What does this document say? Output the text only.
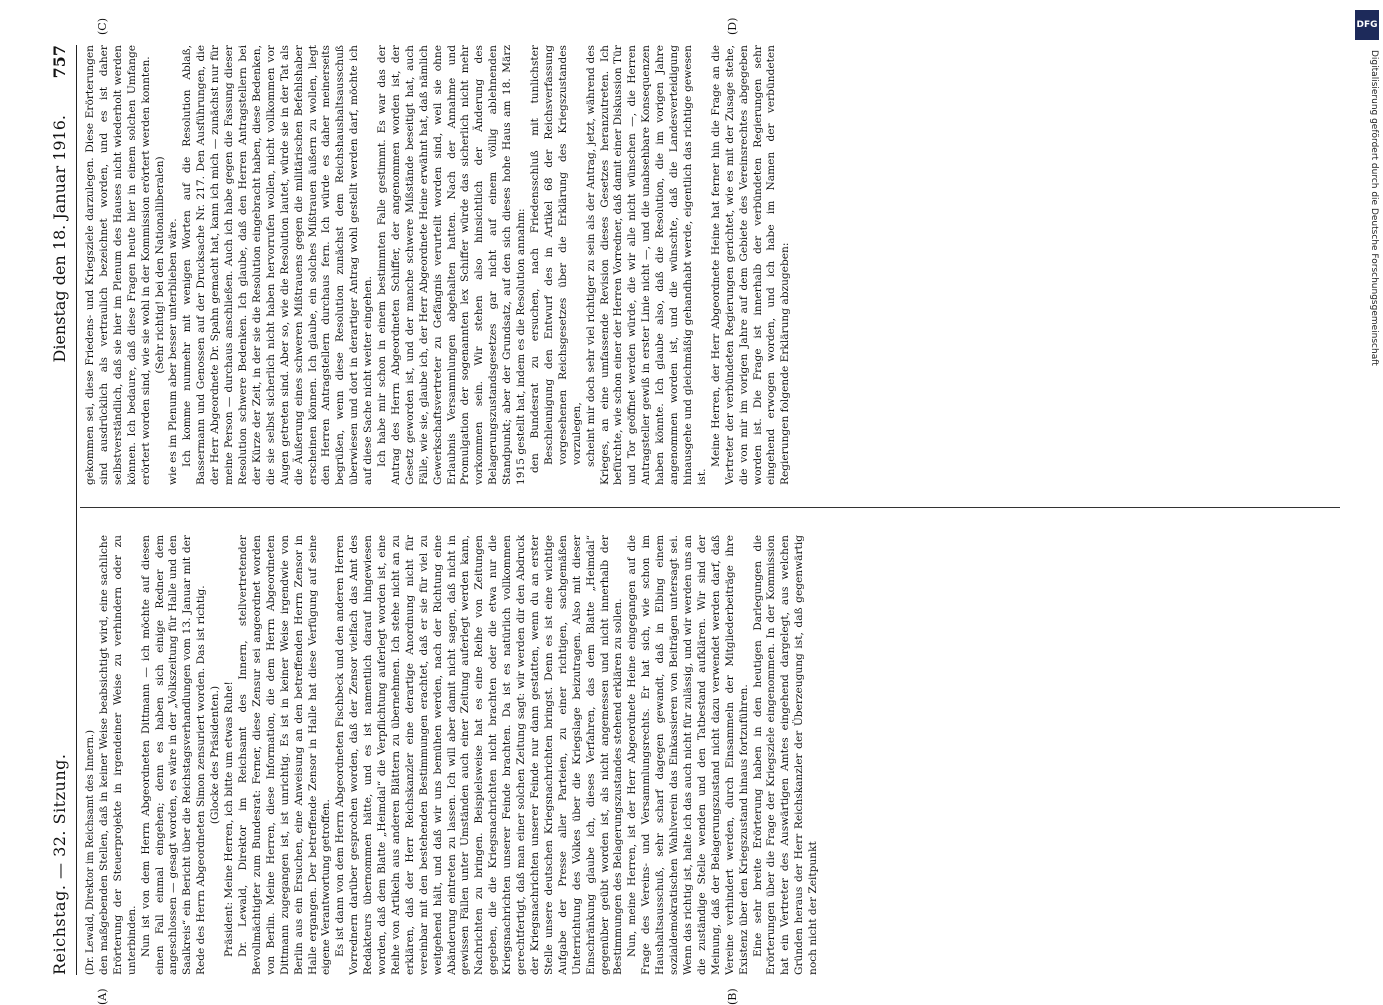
Reichstag. — 32. Sitzung.
Dienstag den 18. Januar 1916.
757

(Dr. Lewald, Direktor im Reichsamt des Innern.) den maßgebenden Stellen, daß in keiner Weise beabsichtigt wird, eine sachliche Erörterung der Steuerprojekte in irgendeiner Weise zu verhindern oder zu unterbinden. Nun ist von dem Herrn Abgeordneten Dittmann — ich möchte auf diesen einen Fall einmal eingehen; denn es haben sich einige Redner dem angeschlossen — gesagt worden, es wäre in der „Volkszeitung für Halle und den Saalkreis“ ein Bericht über die Reichstagsverhandlungen vom 13. Januar mit der Rede des Herrn Abgeordneten Simon zensuriert worden. Das ist richtig. (Glocke des Präsidenten.) Präsident: Meine Herren, ich bitte um etwas Ruhe! Dr. Lewald, Direktor im Reichsamt des Innern, stellvertretender Bevollmächtigter zum Bundesrat: Ferner, diese Zensur sei angeordnet worden von Berlin. Meine Herren, diese Information, die dem Herrn Abgeordneten Dittmann zugegangen ist, ist unrichtig. Es ist in keiner Weise irgendwie von Berlin aus ein Ersuchen, eine Anweisung an den betreffenden Herrn Zensor in Halle ergangen. Der betreffende Zensor in Halle hat diese Verfügung auf seine eigene Verantwortung getroffen. Es ist dann von dem Herrn Abgeordneten Fischbeck und den anderen Herren Vorrednern darüber gesprochen worden, daß der Zensor vielfach das Amt des Redakteurs übernommen hätte, und es ist namentlich darauf hingewiesen worden, daß dem Blatte „Heimdal“ die Verpflichtung auferlegt worden ist, eine Reihe von Artikeln aus anderen Blättern zu übernehmen. Ich stehe nicht an zu erklären, daß der Herr Reichskanzler eine derartige Anordnung nicht für vereinbar mit den bestehenden Bestimmungen erachtet, daß er sie für viel zu weitgehend hält, und daß wir uns bemühen werden, nach der Richtung eine Abänderung eintreten zu lassen. Ich will aber damit nicht sagen, daß nicht in gewissen Fällen unter Umständen auch einer Zeitung auferlegt werden kann, Nachrichten zu bringen. Beispielsweise hat es eine Reihe von Zeitungen gegeben, die die Kriegsnachrichten nicht brachten oder die etwa nur die Kriegsnachrichten unserer Feinde brachten. Da ist es natürlich vollkommen gerechtfertigt, daß man einer solchen Zeitung sagt: wir werden dir den Abdruck der Kriegsnachrichten unserer Feinde nur dann gestatten, wenn du an erster Stelle unsere deutschen Kriegsnachrichten bringst. Denn es ist eine wichtige Aufgabe der Presse aller Parteien, zu einer richtigen, sachgemäßen Unterrichtung des Volkes über die Kriegslage beizutragen. Also mit dieser Einschränkung glaube ich, dieses Verfahren, das dem Blatte „Heimdal“ gegenüber geübt worden ist, als nicht angemessen und nicht innerhalb der Bestimmungen des Belagerungszustandes stehend erklären zu sollen. Nun, meine Herren, ist der Herr Abgeordnete Heine eingegangen auf die Frage des Vereins- und Versammlungsrechts. Er hat sich, wie schon im Haushaltsausschuß, sehr scharf dagegen gewandt, daß in Elbing einem sozialdemokratischen Wahlverein das Einkassieren von Beiträgen untersagt sei. Wenn das richtig ist, halte ich das auch nicht für zulässig, und wir werden uns an die zuständige Stelle wenden und den Tatbestand aufklären. Wir sind der Meinung, daß der Belagerungszustand nicht dazu verwendet werden darf, daß Vereine verhindert werden, durch Einsammeln der Mitgliederbeiträge ihre Existenz über den Kriegszustand hinaus fortzuführen. Eine sehr breite Erörterung haben in den heutigen Darlegungen die Erörterungen über die Frage der Kriegsziele eingenommen. In der Kommission hat ein Vertreter des Auswärtigen Amtes eingehend dargelegt, aus welchen Gründen heraus der Herr Reichskanzler der Überzeugung ist, daß gegenwärtig noch nicht der Zeitpunkt

gekommen sei, diese Friedens- und Kriegsziele darzulegen. Diese Erörterungen sind ausdrücklich als vertraulich bezeichnet worden, und es ist daher selbstverständlich, daß sie hier im Plenum des Hauses nicht wiederholt werden können. Ich bedaure, daß diese Fragen heute hier in einem solchen Umfange erörtert worden sind, wie sie wohl in der Kommission erörtert werden konnten. (Sehr richtig! bei den Nationalliberalen) wie es im Plenum aber besser unterblieben wäre. Ich komme nunmehr mit wenigen Worten auf die Resolution Ablaß, Bassermann und Genossen auf der Drucksache Nr. 217. Den Ausführungen, die der Herr Abgeordnete Dr. Spahn gemacht hat, kann ich mich — zunächst nur für meine Person — durchaus anschließen. Auch ich habe gegen die Fassung dieser Resolution schwere Bedenken. Ich glaube, daß den Herren Antragstellern bei der Kürze der Zeit, in der sie die Resolution eingebracht haben, diese Bedenken, die sie selbst sicherlich nicht haben hervorrufen wollen, nicht vollkommen vor Augen getreten sind. Aber so, wie die Resolution lautet, würde sie in der Tat als die Äußerung eines schweren Mißtrauens gegen die militärischen Befehlshaber erscheinen können. Ich glaube, ein solches Mißtrauen äußern zu wollen, liegt den Herren Antragstellern durchaus fern. Ich würde es daher meinerseits begrüßen, wenn diese Resolution zunächst dem Reichshaushaltsausschuß überwiesen und dort in derartiger Antrag wohl gestellt werden darf, möchte ich auf diese Sache nicht weiter eingehen. Ich habe mir schon in einem bestimmten Falle gestimmt. Es war das der Antrag des Herrn Abgeordneten Schiffer, der angenommen worden ist, der Gesetz geworden ist, und der manche schwere Mißstände beseitigt hat, auch Fälle, wie sie, glaube ich, der Herr Abgeordnete Heine erwähnt hat, daß nämlich Gewerkschaftsvertreter zu Gefängnis verurteilt worden sind, weil sie ohne Erlaubnis Versammlungen abgehalten hatten. Nach der Annahme und Promulgation der sogenannten lex Schiffer würde das sicherlich nicht mehr vorkommen sein. Wir stehen also hinsichtlich der Änderung des Belagerungszustandsgesetzes gar nicht auf einem völlig ablehnenden Standpunkt; aber der Grundsatz, auf den sich dieses hohe Haus am 18. März 1915 gestellt hat, indem es die Resolution annahm: den Bundesrat zu ersuchen, nach Friedensschluß mit tunlichster Beschleunigung den Entwurf des in Artikel 68 der Reichsverfassung vorgesehenen Reichsgesetzes über die Erklärung des Kriegszustandes vorzulegen, scheint mir doch sehr viel richtiger zu sein als der Antrag, jetzt, während des Krieges, an eine umfassende Revision dieses Gesetzes heranzutreten. Ich befürchte, wie schon einer der Herren Vorredner, daß damit einer Diskussion Tür und Tor geöffnet werden würde, die wir alle nicht wünschen —, die Herren Antragsteller gewiß in erster Linie nicht —, und die unabsehbare Konsequenzen haben könnte. Ich glaube also, daß die Resolution, die im vorigen Jahre angenommen worden ist, und die wünschte, daß die Landesverteidigung hinausgehe und gleichmäßig gehandhabt werde, eigentlich das richtige gewesen ist.

Meine Herren, der Herr Abgeordnete Heine hat ferner hin die Frage an die Vertreter der verbündeten Regierungen gerichtet, wie es mit der Zusage stehe, die von mir im vorigen Jahre auf dem Gebiete des Vereinsrechtes abgegeben worden ist. Die Frage ist innerhalb der verbündeten Regierungen sehr eingehend erwogen worden, und ich habe im Namen der verbündeten Regierungen folgende Erklärung abzugeben:

(A)	(B)
(C)	(D)	DFG
Digitalisierung gefördert durch die Deutsche Forschungsgemeinschaft
